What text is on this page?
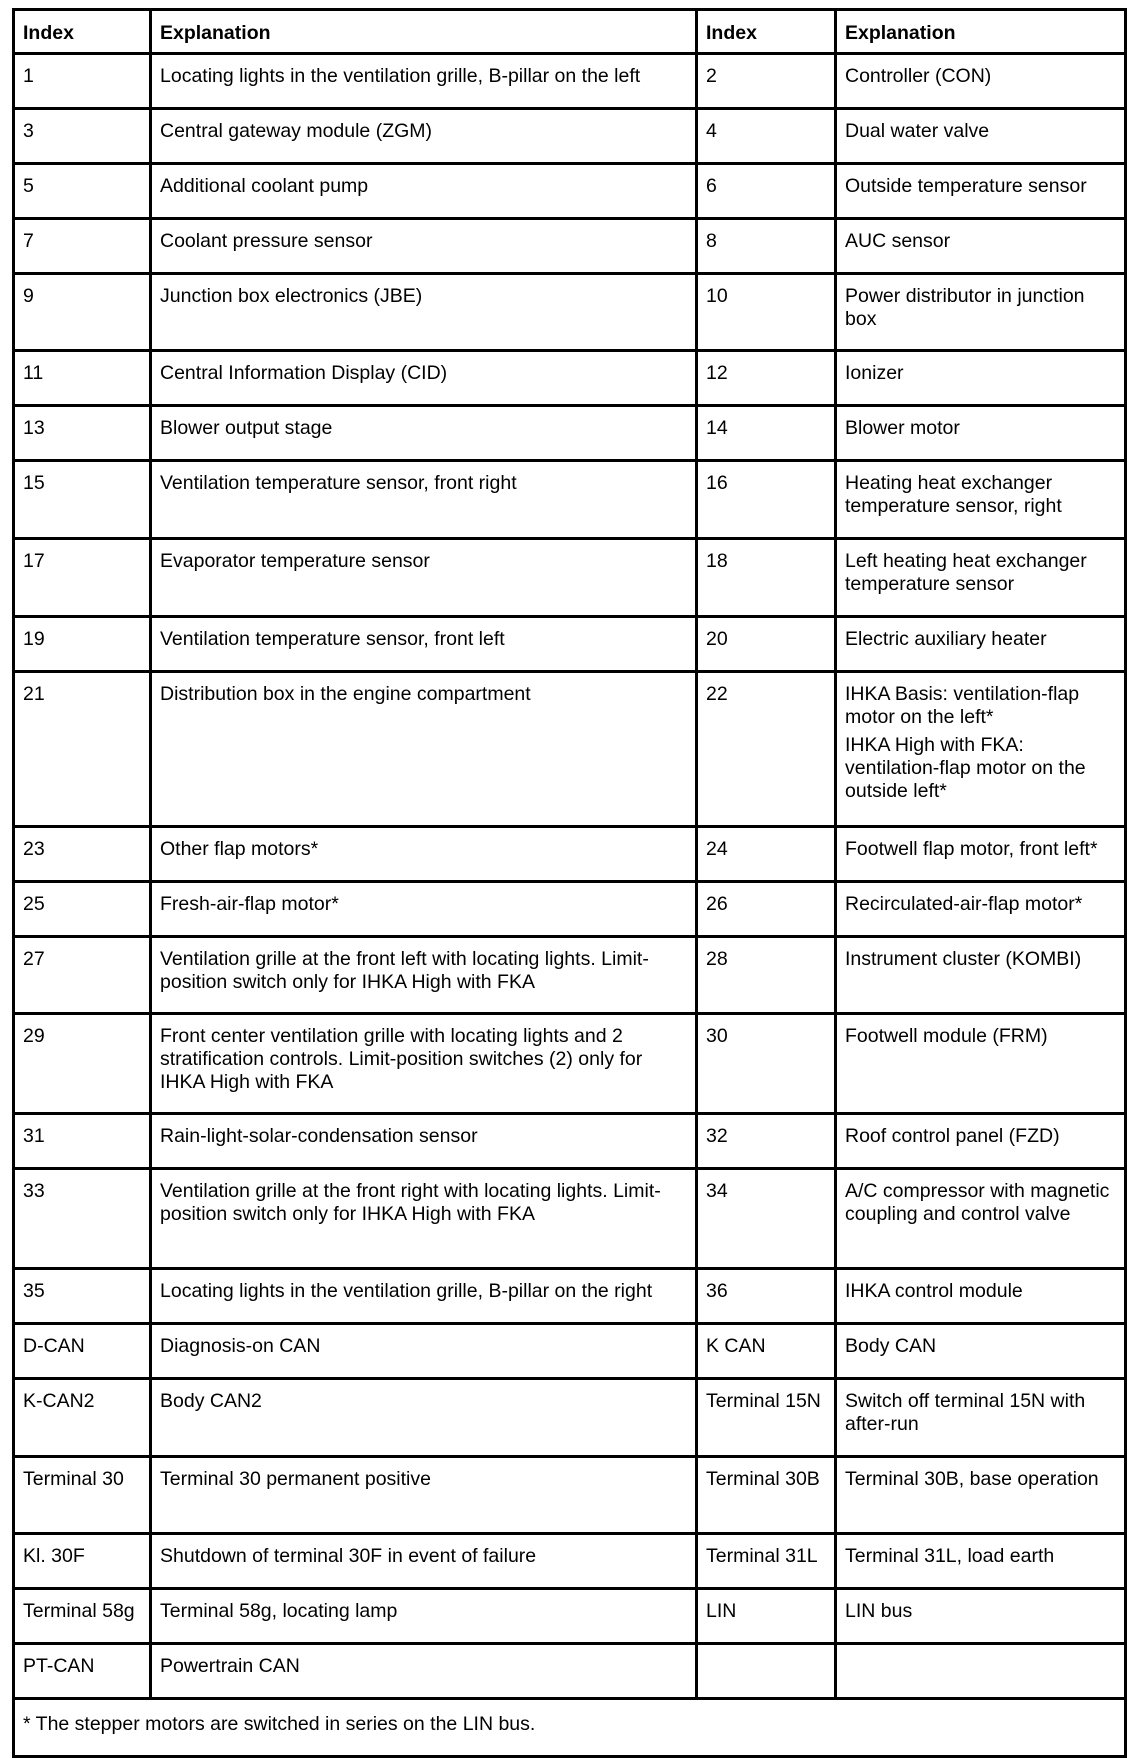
Index	Explanation	Index	Explanation
1	Locating lights in the ventilation grille, B-pillar on the left	2	Controller (CON)
3	Central gateway module (ZGM)	4	Dual water valve
5	Additional coolant pump	6	Outside temperature sensor
7	Coolant pressure sensor	8	AUC sensor
9	Junction box electronics (JBE)	10	Power distributor in junction box
11	Central Information Display (CID)	12	Ionizer
13	Blower output stage	14	Blower motor
15	Ventilation temperature sensor, front right	16	Heating heat exchanger temperature sensor, right
17	Evaporator temperature sensor	18	Left heating heat exchanger temperature sensor
19	Ventilation temperature sensor, front left	20	Electric auxiliary heater
21	Distribution box in the engine compartment	22	IHKA Basis: ventilation-flap motor on the left*
IHKA High with FKA: ventilation-flap motor on the outside left*

23	Other flap motors*	24	Footwell flap motor, front left*
25	Fresh-air-flap motor*	26	Recirculated-air-flap motor*
27	Ventilation grille at the front left with locating lights. Limit-position switch only for IHKA High with FKA	28	Instrument cluster (KOMBI)
29	Front center ventilation grille with locating lights and 2 stratification controls. Limit-position switches (2) only for IHKA High with FKA	30	Footwell module (FRM)
31	Rain-light-solar-condensation sensor	32	Roof control panel (FZD)
33	Ventilation grille at the front right with locating lights. Limit-position switch only for IHKA High with FKA	34	A/C compressor with magnetic coupling and control valve
35	Locating lights in the ventilation grille, B-pillar on the right	36	IHKA control module
D-CAN	Diagnosis-on CAN	K CAN	Body CAN
K-CAN2	Body CAN2	Terminal 15N	Switch off terminal 15N with after-run
Terminal 30	Terminal 30 permanent positive	Terminal 30B	Terminal 30B, base operation
Kl. 30F	Shutdown of terminal 30F in event of failure	Terminal 31L	Terminal 31L, load earth
Terminal 58g	Terminal 58g, locating lamp	LIN	LIN bus
PT-CAN	Powertrain CAN		
* The stepper motors are switched in series on the LIN bus.			
